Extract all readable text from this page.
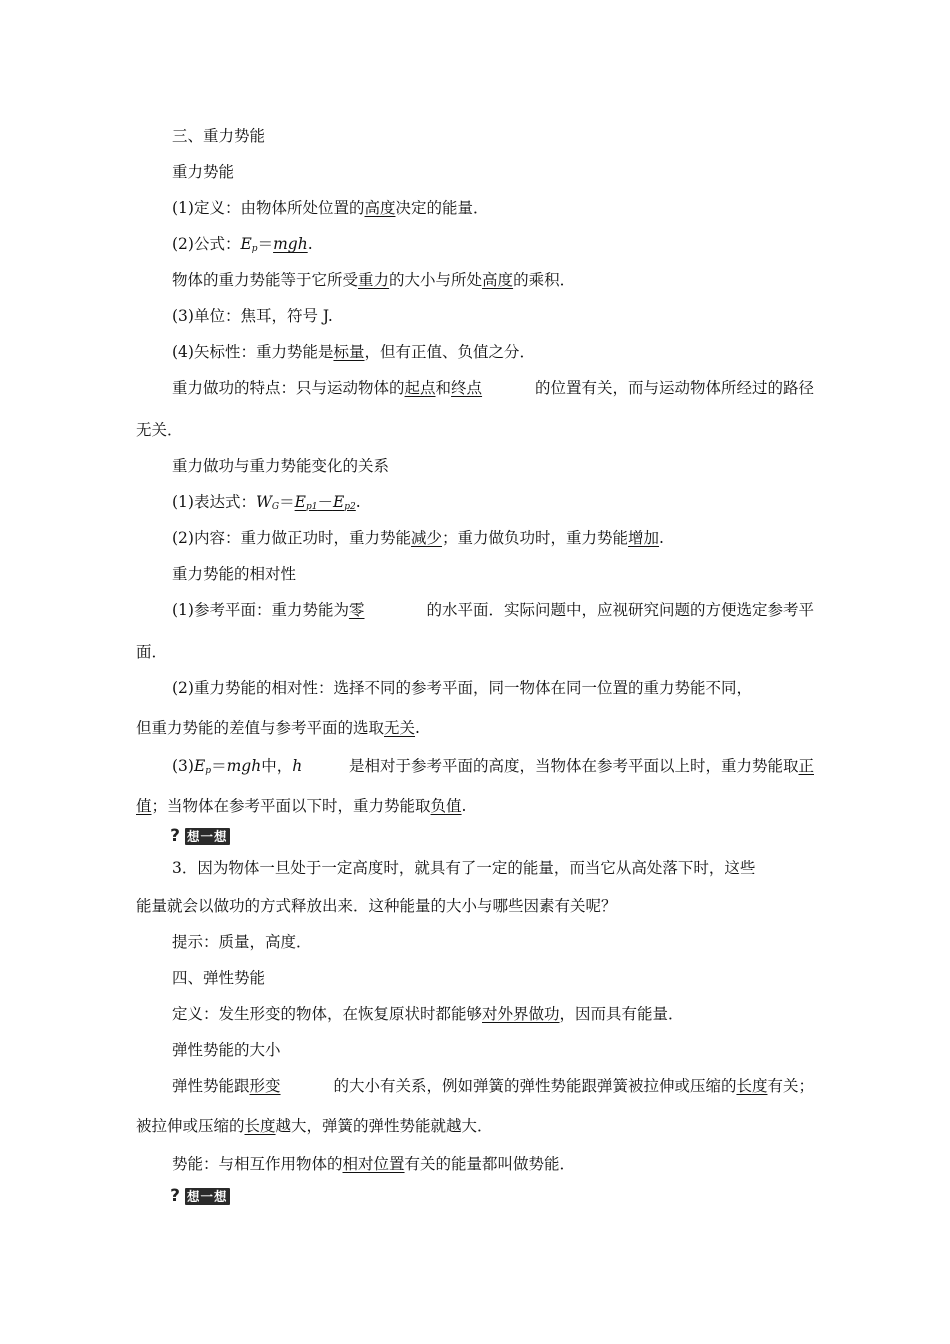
三、重力势能
重力势能
(1)定义：由物体所处位置的高度决定的能量．
(2)公式：$E_p=mgh$.
物体的重力势能等于它所受重力的大小与所处高度的乘积．
(3)单位：焦耳，符号 J.
(4)矢标性：重力势能是标量，但有正值、负值之分．
重力做功的特点：只与运动物体的起点和终点	的位置有关，而与运动物体所经过的路径
无关．
重力做功与重力势能变化的关系
(1)表达式：$W_G=E_{p1}-E_{p2}$.
(2)内容：重力做正功时，重力势能减少；重力做负功时，重力势能增加.
重力势能的相对性
(1)参考平面：重力势能为零	的水平面．实际问题中，应视研究问题的方便选定参考平
面．
(2)重力势能的相对性：选择不同的参考平面，同一物体在同一位置的重力势能不同，
但重力势能的差值与参考平面的选取无关.
$(3)E_p=mgh$中，h	是相对于参考平面的高度，当物体在参考平面以上时，重力势能取正
值；当物体在参考平面以下时，重力势能取负值.
? 想一想
3．因为物体一旦处于一定高度时，就具有了一定的能量，而当它从高处落下时，这些
能量就会以做功的方式释放出来．这种能量的大小与哪些因素有关呢？
提示：质量，高度．
四、弹性势能
定义：发生形变的物体，在恢复原状时都能够对外界做功，因而具有能量．
弹性势能的大小
弹性势能跟形变	的大小有关系，例如弹簧的弹性势能跟弹簧被拉伸或压缩的长度有关；
被拉伸或压缩的长度越大，弹簧的弹性势能就越大．
势能：与相互作用物体的相对位置有关的能量都叫做势能．
? 想一想
